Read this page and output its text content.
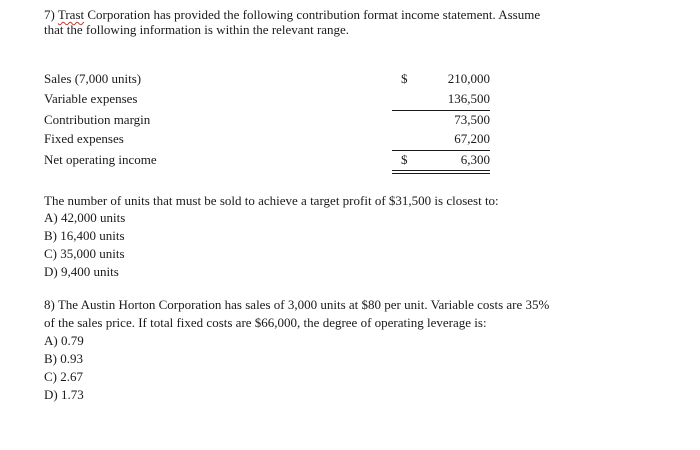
7) Trast Corporation has provided the following contribution format income statement. Assume
that the following information is within the relevant range.
Sales (7,000 units)	$	210,000
Variable expenses	136,500
Contribution margin	73,500
Fixed expenses	67,200
Net operating income	$	6,300
The number of units that must be sold to achieve a target profit of $31,500 is closest to:
A) 42,000 units
B) 16,400 units
C) 35,000 units
D) 9,400 units
8) The Austin Horton Corporation has sales of 3,000 units at $80 per unit. Variable costs are 35%
of the sales price. If total fixed costs are $66,000, the degree of operating leverage is:
A) 0.79
B) 0.93
C) 2.67
D) 1.73
